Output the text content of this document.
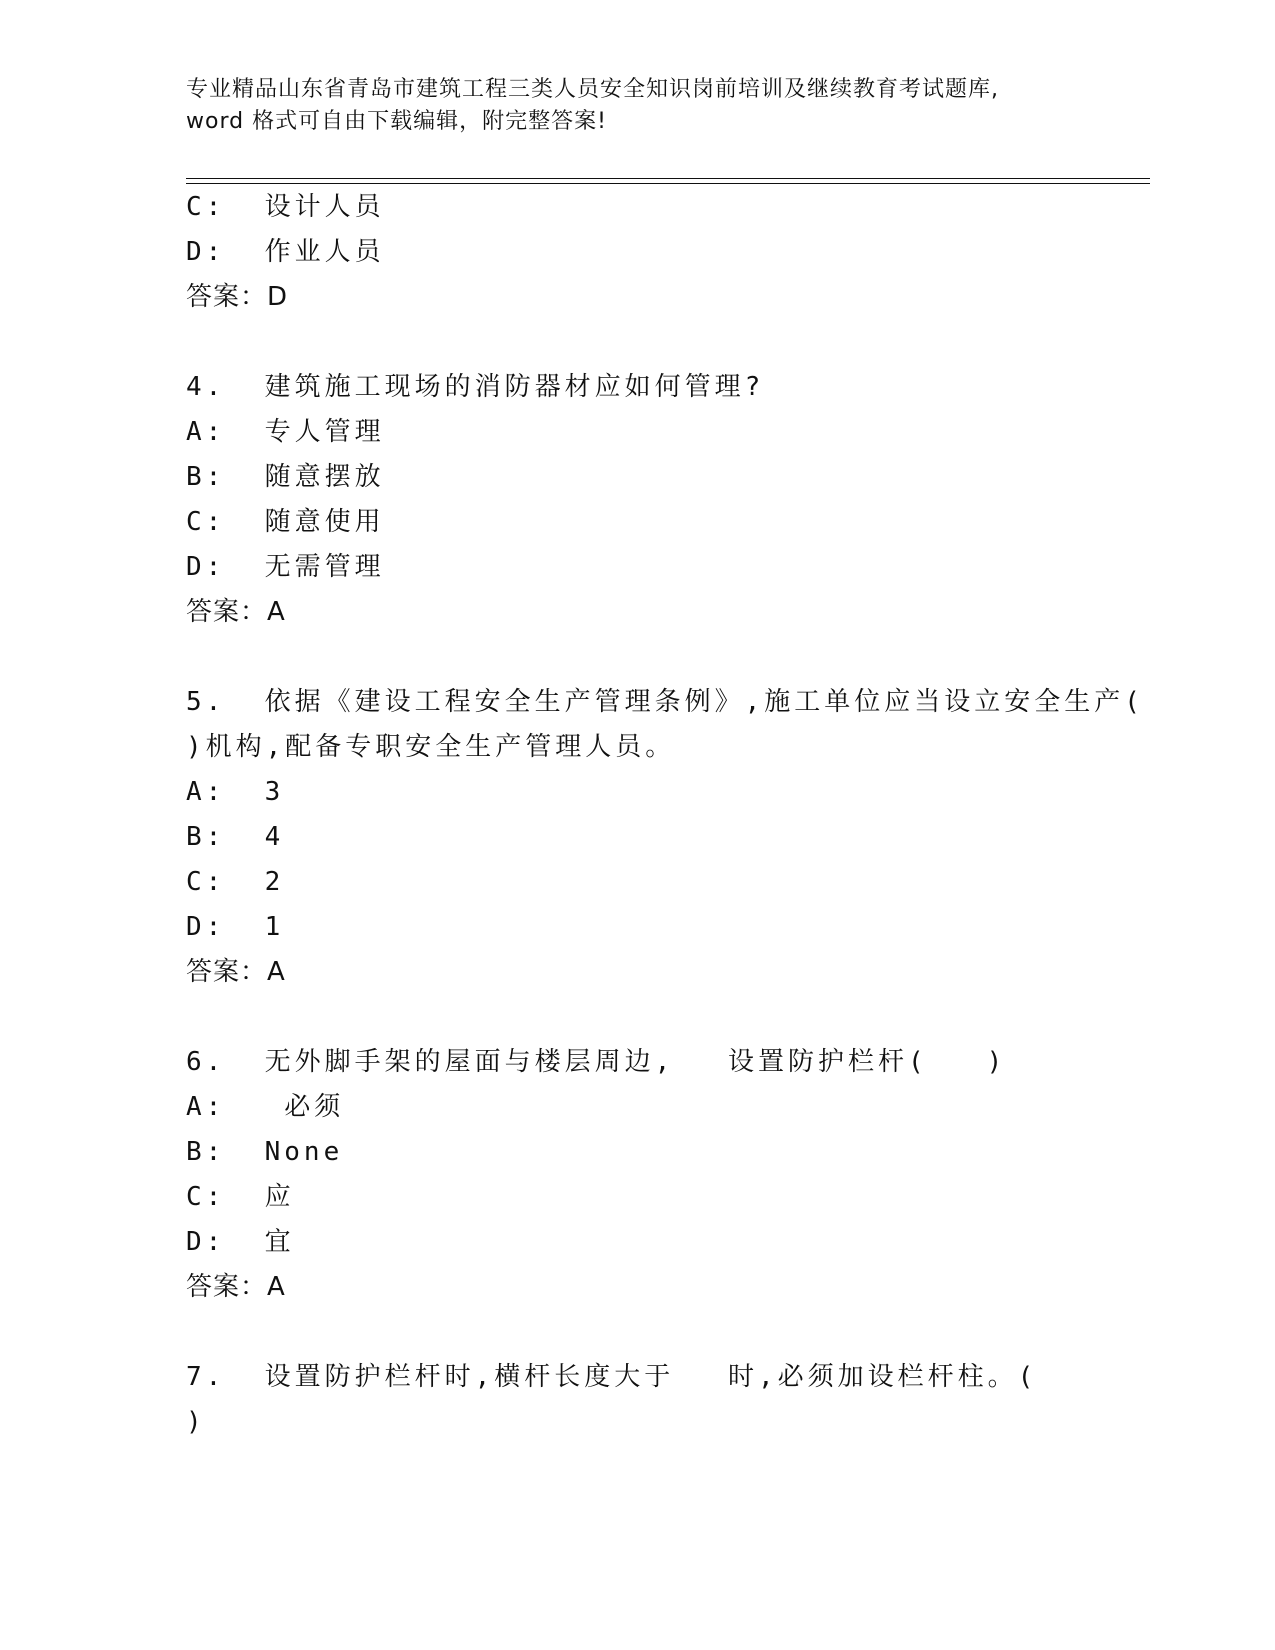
专业精品山东省青岛市建筑工程三类人员安全知识岗前培训及继续教育考试题库,
word 格式可自由下载编辑，附完整答案!
C:  设计人员
D:  作业人员
答案：D
4.  建筑施工现场的消防器材应如何管理?
A:  专人管理
B:  随意摆放
C:  随意使用
D:  无需管理
答案：A
5.  依据《建设工程安全生产管理条例》,施工单位应当设立安全生产(
)机构,配备专职安全生产管理人员。
A:  3
B:  4
C:  2
D:  1
答案：A
6.  无外脚手架的屋面与楼层周边, 设置防护栏杆(   )
A:   必须
B:  None
C:  应
D:  宜
答案：A
7.  设置防护栏杆时,横杆长度大于 时,必须加设栏杆柱。(
)
